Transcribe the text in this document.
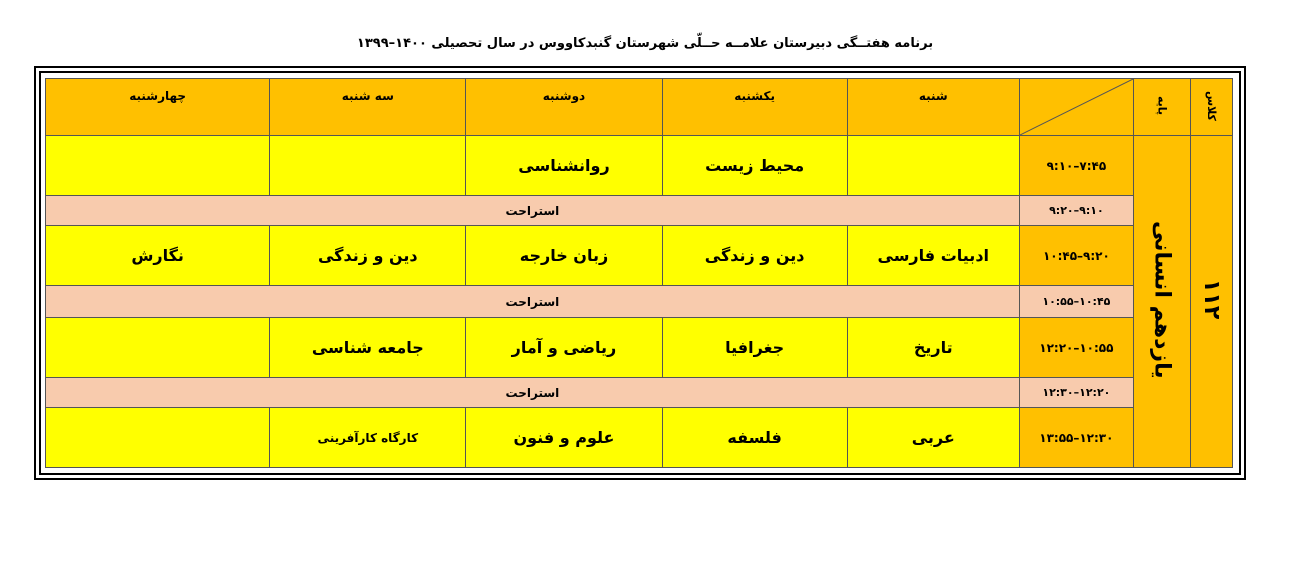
برنامه هفتــگی دبیرستان علامــه حــلّی شهرستان گنبدکاووس در سال تحصیلی ۱۴۰۰–۱۳۹۹
کلاس	پایه		شنبه	یکشنبه	دوشنبه	سه شنبه	چهارشنبه
۱۱۲	یازدهم انسانی	۹:۱۰–۷:۴۵		محیط زیست	روانشناسی		
		۹:۲۰–۹:۱۰	استراحت				
		۱۰:۴۵–۹:۲۰	ادبیات فارسی	دین و زندگی	زبان خارجه	دین و زندگی	نگارش
		۱۰:۵۵–۱۰:۴۵	استراحت				
		۱۲:۲۰–۱۰:۵۵	تاریخ	جغرافیا	ریاضی و آمار	جامعه شناسی	
		۱۲:۳۰–۱۲:۲۰	استراحت				
		۱۳:۵۵–۱۲:۳۰	عربی	فلسفه	علوم و فنون	کارگاه کارآفرینی	
